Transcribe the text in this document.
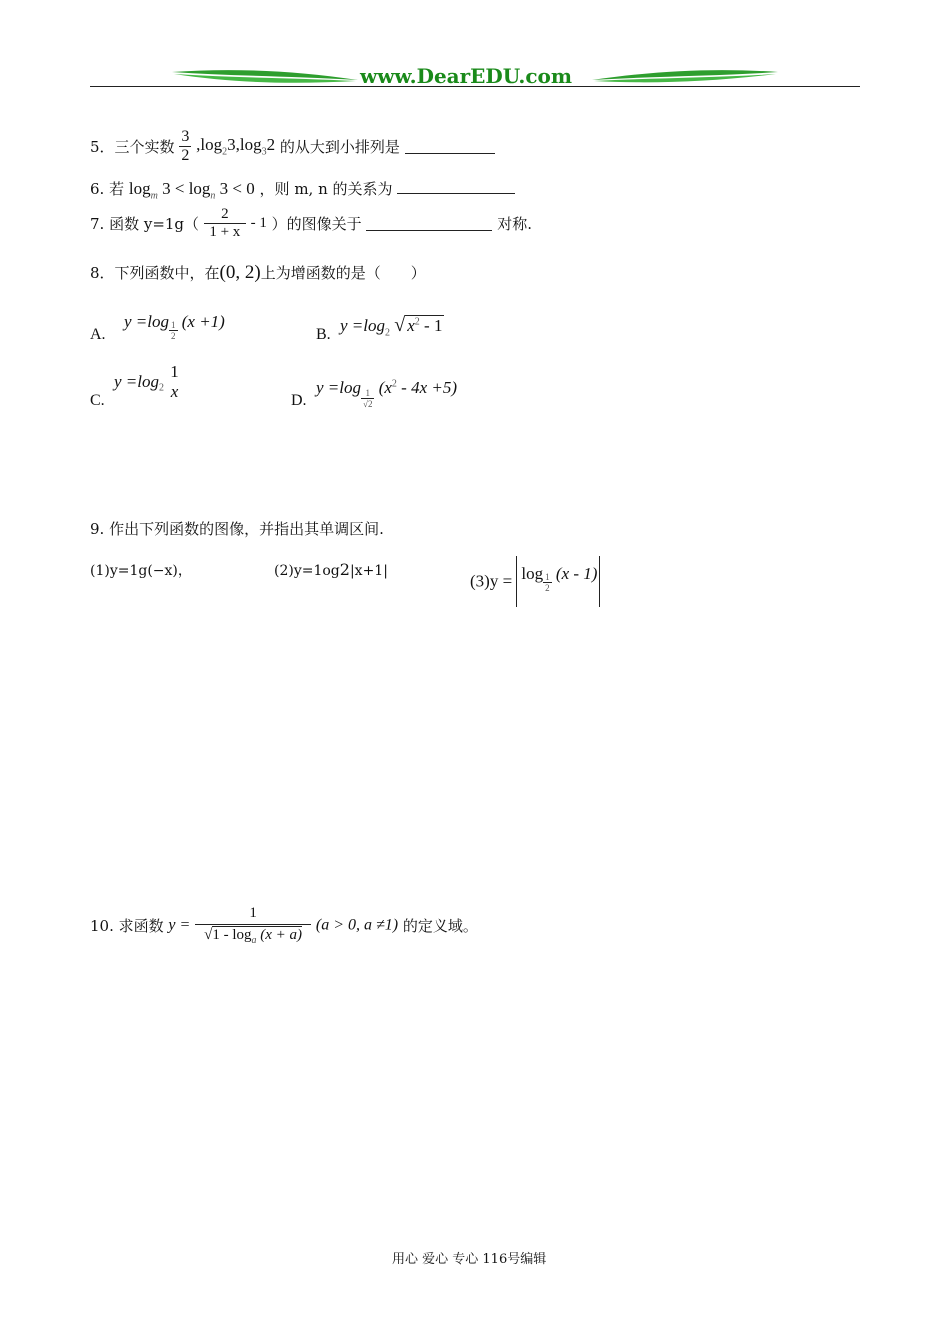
www.DearEDU.com
5．三个实数 $\frac{3}{2} ,\log_23,\log_32$ 的从大到小排列是
6. 若 $\log_m 3 < \log_n 3 < 0$ ，则 m, n 的关系为
7. 函数 $y=1g( \frac{2}{1 + x} - 1$ ）的图像关于	对称.
8．下列函数中，在(0, 2)上为增函数的是（　　）
A.
$y =\log \frac{1}{2} (x +1)$
B. $y =\log_2$ √ $x^2 - 1$
C.
$y =\log_2$
1
x	D.
y =log
$\frac{1}{√2}$
$(x^2 - 4x +5)$
9. 作出下列函数的图像，并指出其单调区间.
(1)y=1g(−x)，	(2)y=1og2|x+1|
$(3)y = \log \frac{1}{2} (x - 1)$
10. 求函数 $y = \frac{1}{√1 - \log_a (x + a)} (a > 0$, a ≠1) 的定义域。
用心 爱心 专心 116号编辑
